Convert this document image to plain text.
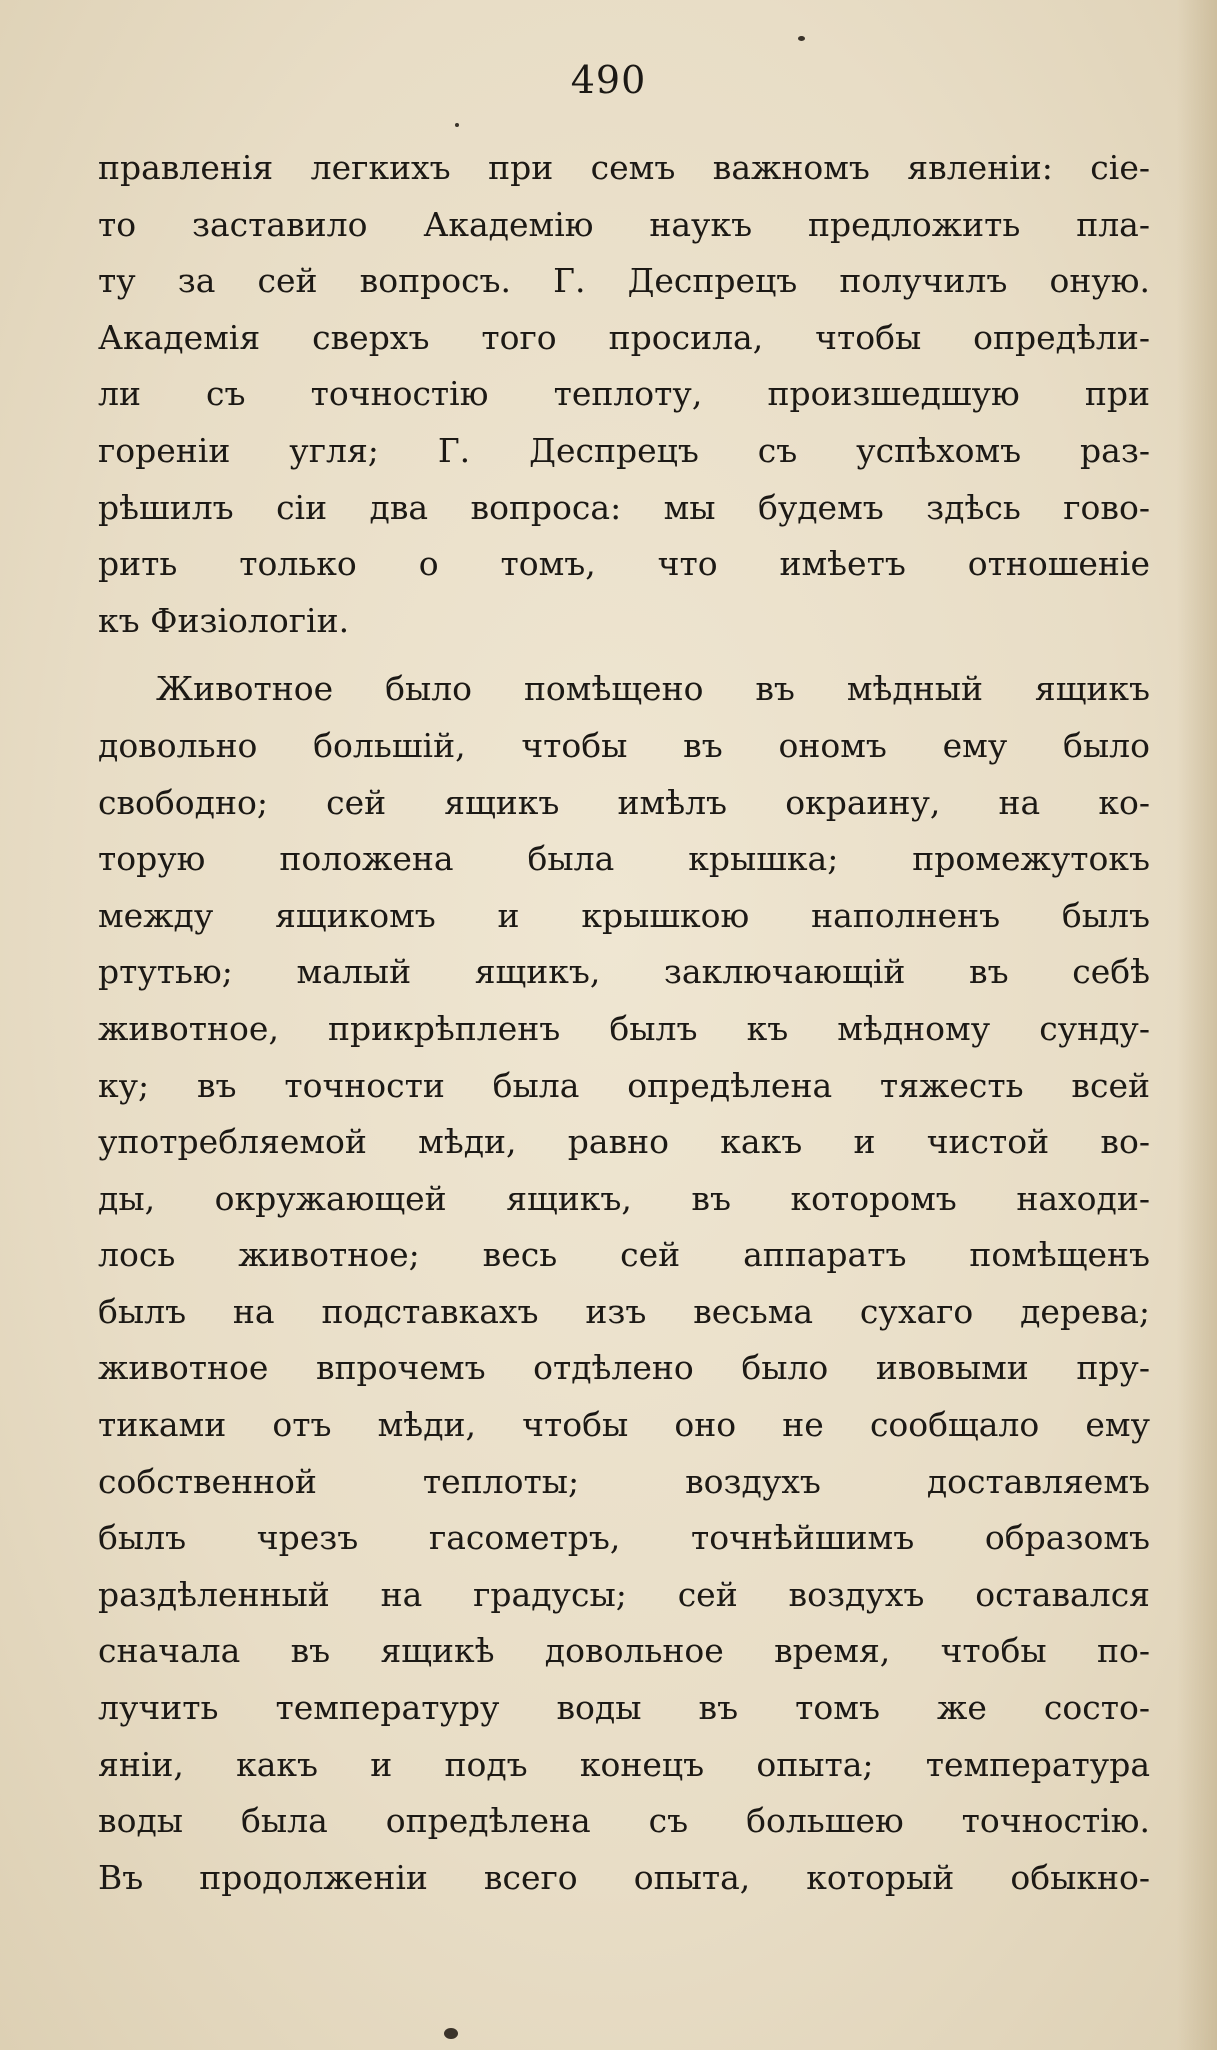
490
правленія легкихъ при семъ важномъ явленіи: сіе-
то заставило Академію наукъ предложить пла-
ту за сей вопросъ. Г. Деспрецъ получилъ оную.
Академія сверхъ того просила, чтобы опредѣли-
ли съ точностію теплоту, произшедшую при
гореніи угля; Г. Деспрецъ съ успѣхомъ раз-
рѣшилъ сіи два вопроса: мы будемъ здѣсь гово-
рить только о томъ, что имѣетъ отношеніе
къ Физіологіи.
Животное было помѣщено въ мѣдный ящикъ
довольно большій, чтобы въ ономъ ему было
свободно; сей ящикъ имѣлъ окраину, на ко-
торую положена была крышка; промежутокъ
между ящикомъ и крышкою наполненъ былъ
ртутью; малый ящикъ, заключающій въ себѣ
животное, прикрѣпленъ былъ къ мѣдному сунду-
ку; въ точности была опредѣлена тяжесть всей
употребляемой мѣди, равно какъ и чистой во-
ды, окружающей ящикъ, въ которомъ находи-
лось животное; весь сей аппаратъ помѣщенъ
былъ на подставкахъ изъ весьма сухаго дерева;
животное впрочемъ отдѣлено было ивовыми пру-
тиками отъ мѣди, чтобы оно не сообщало ему
собственной теплоты; воздухъ доставляемъ
былъ чрезъ гасометръ, точнѣйшимъ образомъ
раздѣленный на градусы; сей воздухъ оставался
сначала въ ящикѣ довольное время, чтобы по-
лучить температуру воды въ томъ же состо-
яніи, какъ и подъ конецъ опыта; температура
воды была опредѣлена съ большею точностію.
Въ продолженіи всего опыта, который обыкно-
